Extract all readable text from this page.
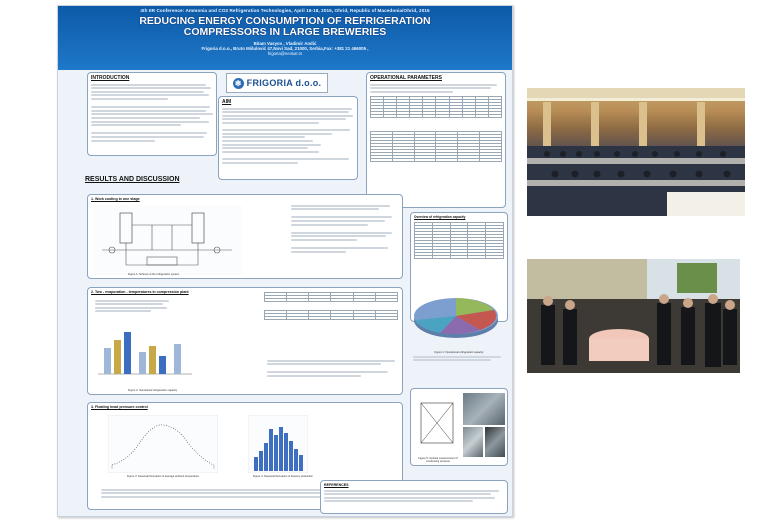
4th IIR Conference: Ammonia and CO2 Refrigeration Technologies, April 16-18, 2015, Ohrid, Republic of Macedonia/Ohrid, 2015
REDUCING ENERGY CONSUMPTION OF REFRIGERATION
COMPRESSORS IN LARGE BREWERIES
Bitam Vasyov , Vladimir Andić
Frigoria d.o.o., Bruto Mišulović 47,Novi Sad, 21000, Serbia,Fax: +381 21 466005 ,
frigoria@neosat.rs
❄ FRIGORIA d.o.o.
INTRODUCTION
AIM
OPERATIONAL PARAMETERS

RESULTS AND DISCUSSION
1. Work cooling in one stage
Figure 1: Scheme of the refrigeration system
2. Two - evaporation - temperatures in compression plant

Figure 2: Operational refrigeration capacity
3. Floating head pressure control
Figure 3: Seasonal fluctuation of average ambient temperature	Figure 4: Seasonal fluctuation of brewery production
Overview of refrigeration capacity

Figure 2: Operational refrigeration capacity
Figure 5: Optimal measurement of condensing pressure
REFERENCES
